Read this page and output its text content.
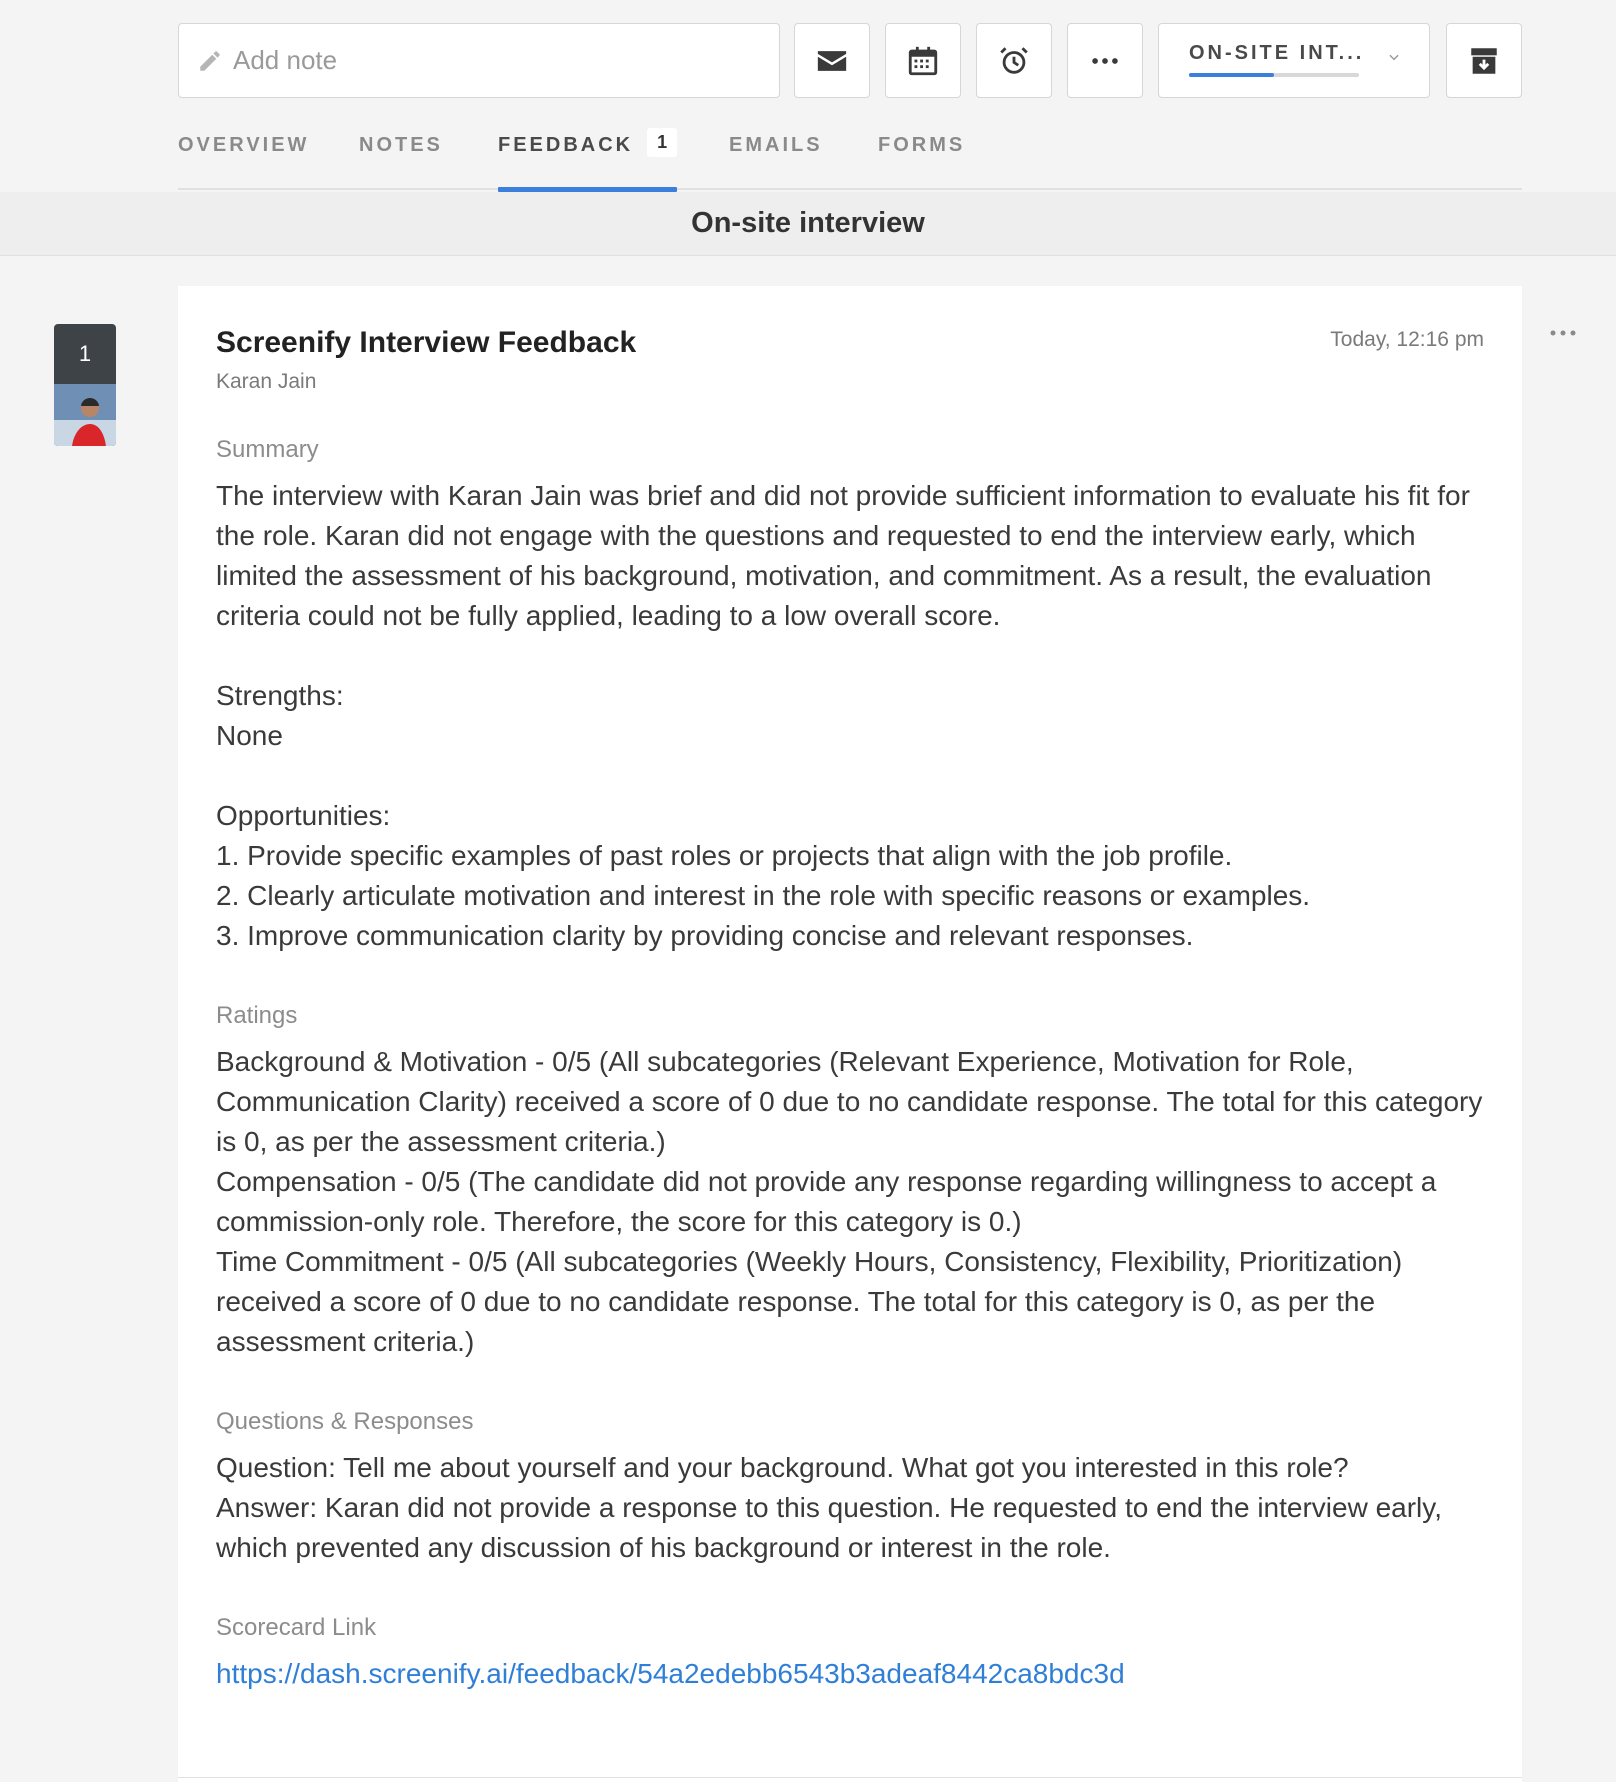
Add note
ON-SITE INT...
OVERVIEW NOTES	FEEDBACK	1	EMAILS	FORMS
On-site interview
1	Screenify Interview Feedback
Karan Jain
Today, 12:16 pm
Summary
The interview with Karan Jain was brief and did not provide sufficient information to evaluate his fit for the role. Karan did not engage with the questions and requested to end the interview early, which limited the assessment of his background, motivation, and commitment. As a result, the evaluation criteria could not be fully applied, leading to a low overall score.

Strengths:
None

Opportunities:
1. Provide specific examples of past roles or projects that align with the job profile.
2. Clearly articulate motivation and interest in the role with specific reasons or examples.
3. Improve communication clarity by providing concise and relevant responses.
Ratings
Background & Motivation - 0/5 (All subcategories (Relevant Experience, Motivation for Role, Communication Clarity) received a score of 0 due to no candidate response. The total for this category is 0, as per the assessment criteria.)
Compensation - 0/5 (The candidate did not provide any response regarding willingness to accept a commission-only role. Therefore, the score for this category is 0.)
Time Commitment - 0/5 (All subcategories (Weekly Hours, Consistency, Flexibility, Prioritization) received a score of 0 due to no candidate response. The total for this category is 0, as per the assessment criteria.)
Questions & Responses
Question: Tell me about yourself and your background. What got you interested in this role?
Answer: Karan did not provide a response to this question. He requested to end the interview early, which prevented any discussion of his background or interest in the role.
Scorecard Link
https://dash.screenify.ai/feedback/54a2edebb6543b3adeaf8442ca8bdc3d
